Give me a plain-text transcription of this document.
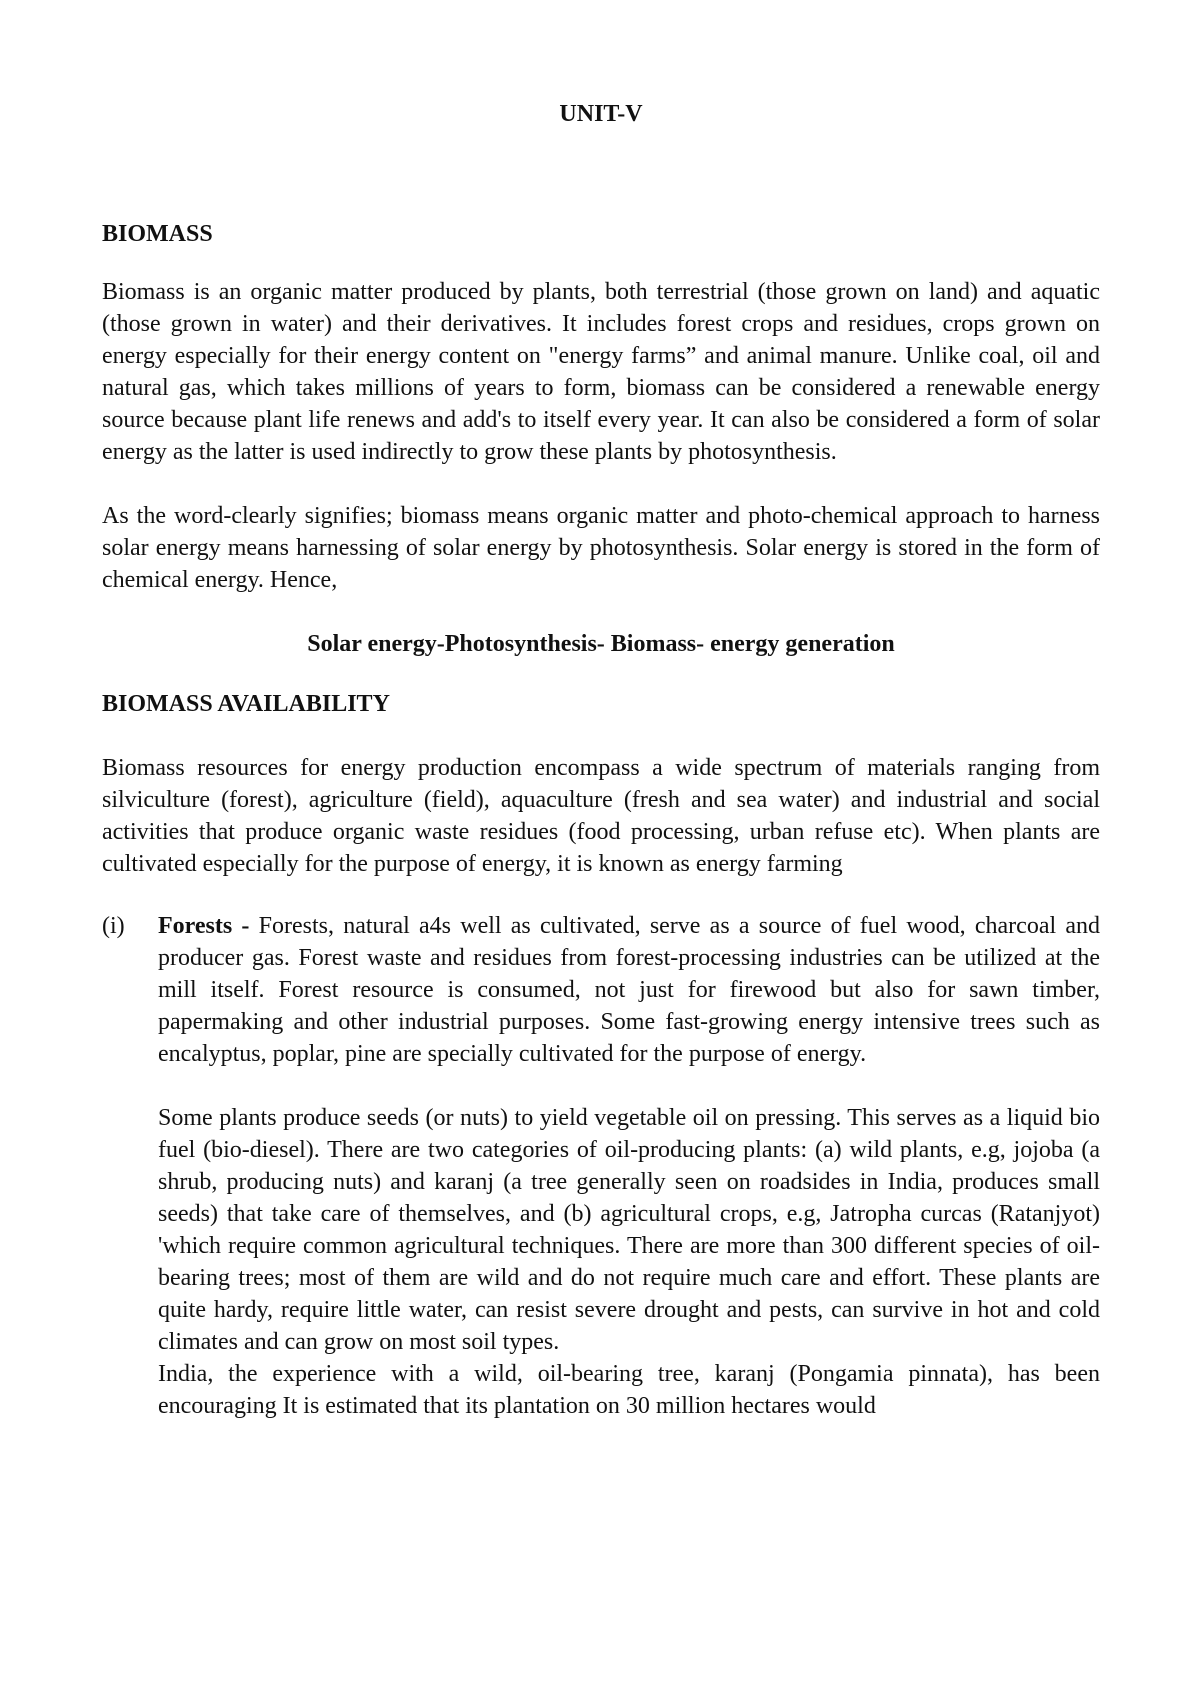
UNIT-V

BIOMASS

Biomass is an organic matter produced by plants, both terrestrial (those grown on land) and aquatic (those grown in water) and their derivatives. It includes forest crops and residues, crops grown on energy especially for their energy content on "energy farms” and animal manure. Unlike coal, oil and natural gas, which takes millions of years to form, biomass can be considered a renewable energy source because plant life renews and add's to itself every year. It can also be considered a form of solar energy as the latter is used indirectly to grow these plants by photosynthesis.

As the word-clearly signifies; biomass means organic matter and photo-chemical approach to harness solar energy means harnessing of solar energy by photosynthesis. Solar energy is stored in the form of chemical energy. Hence,

Solar energy-Photosynthesis- Biomass- energy generation

BIOMASS AVAILABILITY

Biomass resources for energy production encompass a wide spectrum of materials ranging from silviculture (forest), agriculture (field), aquaculture (fresh and sea water) and industrial and social activities that produce organic waste residues (food processing, urban refuse etc). When plants are cultivated especially for the purpose of energy, it is known as energy farming

(i)	Forests - Forests, natural a4s well as cultivated, serve as a source of fuel wood, charcoal and producer gas. Forest waste and residues from forest-processing industries can be utilized at the mill itself. Forest resource is consumed, not just for firewood but also for sawn timber, papermaking and other industrial purposes. Some fast-growing energy intensive trees such as encalyptus, poplar, pine are specially cultivated for the purpose of energy.

Some plants produce seeds (or nuts) to yield vegetable oil on pressing. This serves as a liquid bio fuel (bio-diesel). There are two categories of oil-producing plants: (a) wild plants, e.g, jojoba (a shrub, producing nuts) and karanj (a tree generally seen on roadsides in India, produces small seeds) that take care of themselves, and (b) agricultural crops, e.g, Jatropha curcas (Ratanjyot) 'which require common agricultural techniques. There are more than 300 different species of oil-bearing trees; most of them are wild and do not require much care and effort. These plants are quite hardy, require little water, can resist severe drought and pests, can survive in hot and cold climates and can grow on most soil types.

India, the experience with a wild, oil-bearing tree, karanj (Pongamia pinnata), has been encouraging It is estimated that its plantation on 30 million hectares would
